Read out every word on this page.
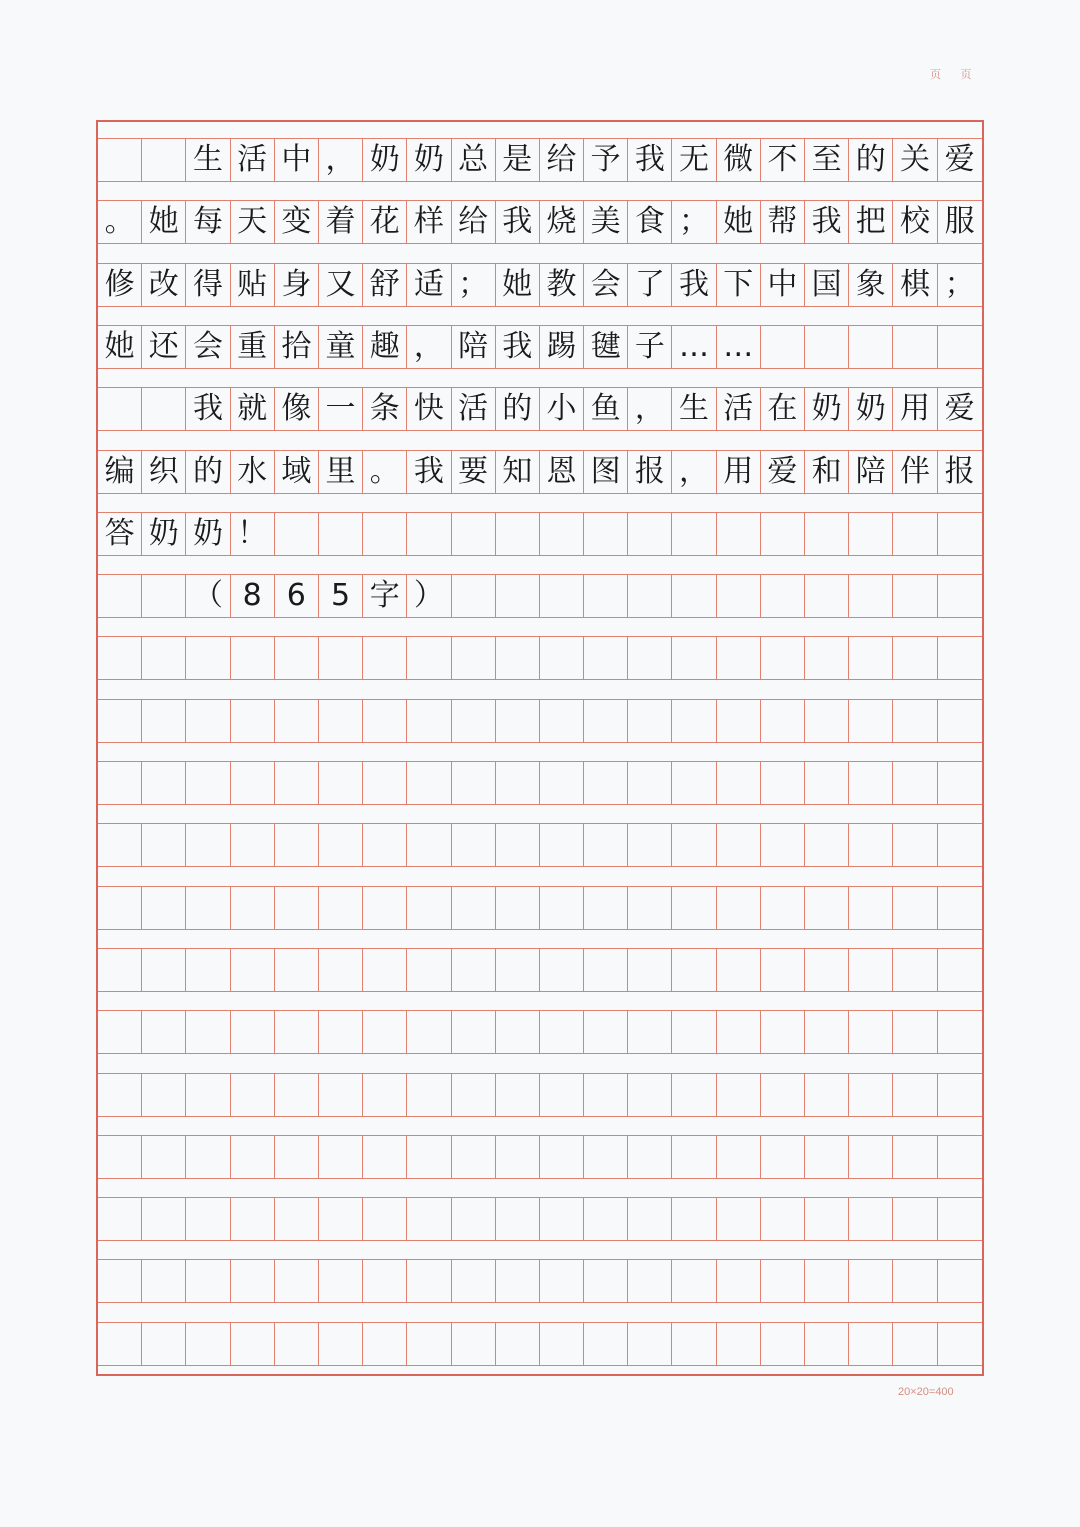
页 页
生 活 中 ， 奶 奶 总 是 给 予 我 无 微 不 至 的 关 爱
。 她 每 天 变 着 花 样 给 我 烧 美 食 ； 她 帮 我 把 校 服
修 改 得 贴 身 又 舒 适 ； 她 教 会 了 我 下 中 国 象 棋 ；
她 还 会 重 拾 童 趣 ， 陪 我 踢 毽 子 … …
我 就 像 一 条 快 活 的 小 鱼 ， 生 活 在 奶 奶 用 爱
编 织 的 水 域 里 。 我 要 知 恩 图 报 ， 用 爱 和 陪 伴 报
答 奶 奶 ！
（ 8 6 5 字 ）
20×20=400
